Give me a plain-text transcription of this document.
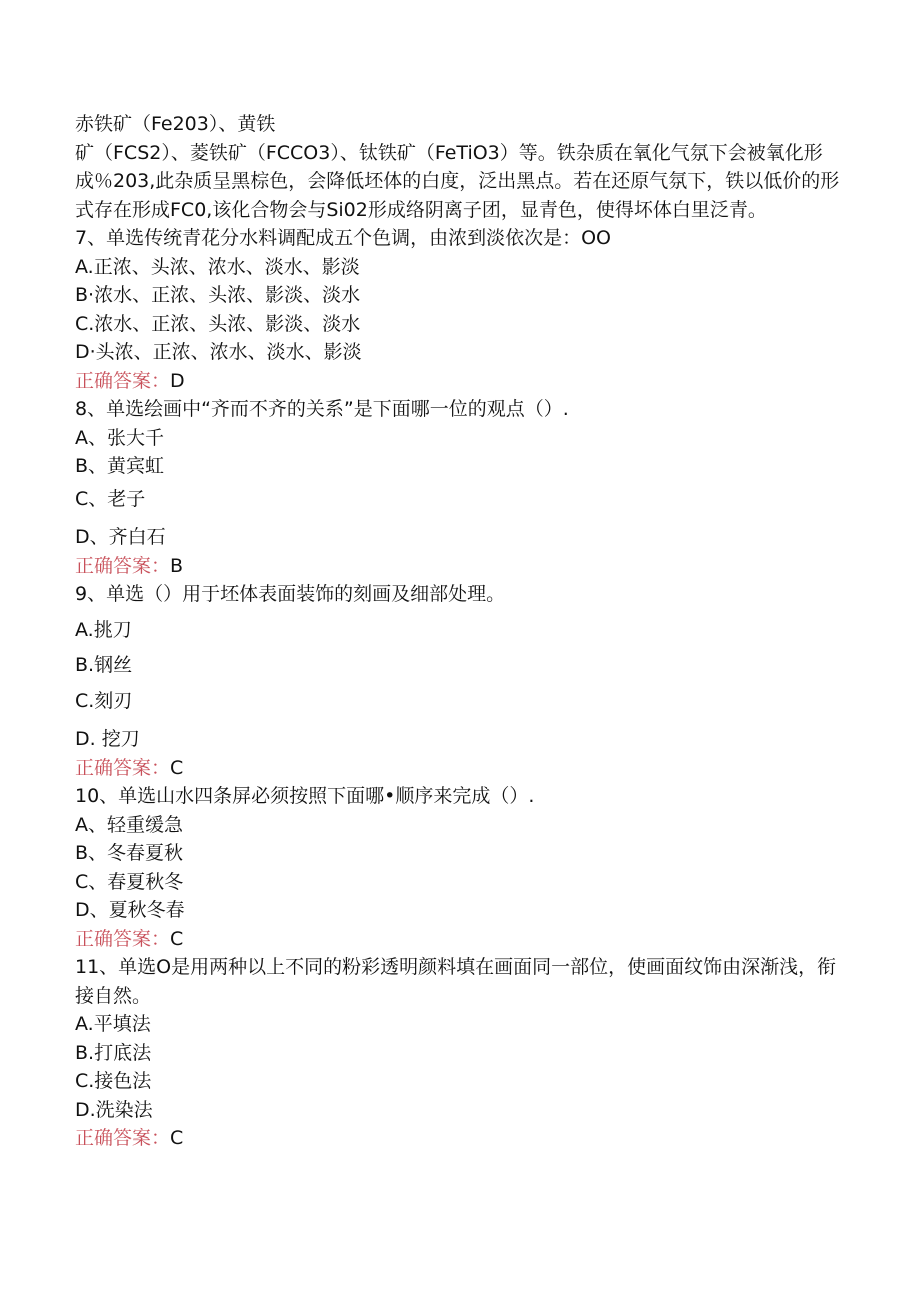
赤铁矿（Fe203）、黄铁
矿（FCS2）、菱铁矿（FCCO3）、钛铁矿（FeTiO3）等。铁杂质在氧化气氛下会被氧化形成％203,此杂质呈黑棕色，会降低坯体的白度，泛出黑点。若在还原气氛下，铁以低价的形式存在形成FC0,该化合物会与Si02形成络阴离子团，显青色，使得坏体白里泛青。
7、单选传统青花分水料调配成五个色调，由浓到淡依次是：OO
A.正浓、头浓、浓水、淡水、影淡
B·浓水、正浓、头浓、影淡、淡水
C.浓水、正浓、头浓、影淡、淡水
D·头浓、正浓、浓水、淡水、影淡
正确答案：D
8、单选绘画中“齐而不齐的关系”是下面哪一位的观点（）.
A、张大千
B、黄宾虹
C、老子
D、齐白石
正确答案：B
9、单选（）用于坯体表面装饰的刻画及细部处理。
A.挑刀
B.钢丝
C.刻刃
D. 挖刀
正确答案：C
10、单选山水四条屏必须按照下面哪•顺序来完成（）.
A、轻重缓急
B、冬春夏秋
C、春夏秋冬
D、夏秋冬春
正确答案：C
11、单选O是用两种以上不同的粉彩透明颜料填在画面同一部位，使画面纹饰由深渐浅，衔接自然。
A.平填法
B.打底法
C.接色法
D.洗染法
正确答案：C
